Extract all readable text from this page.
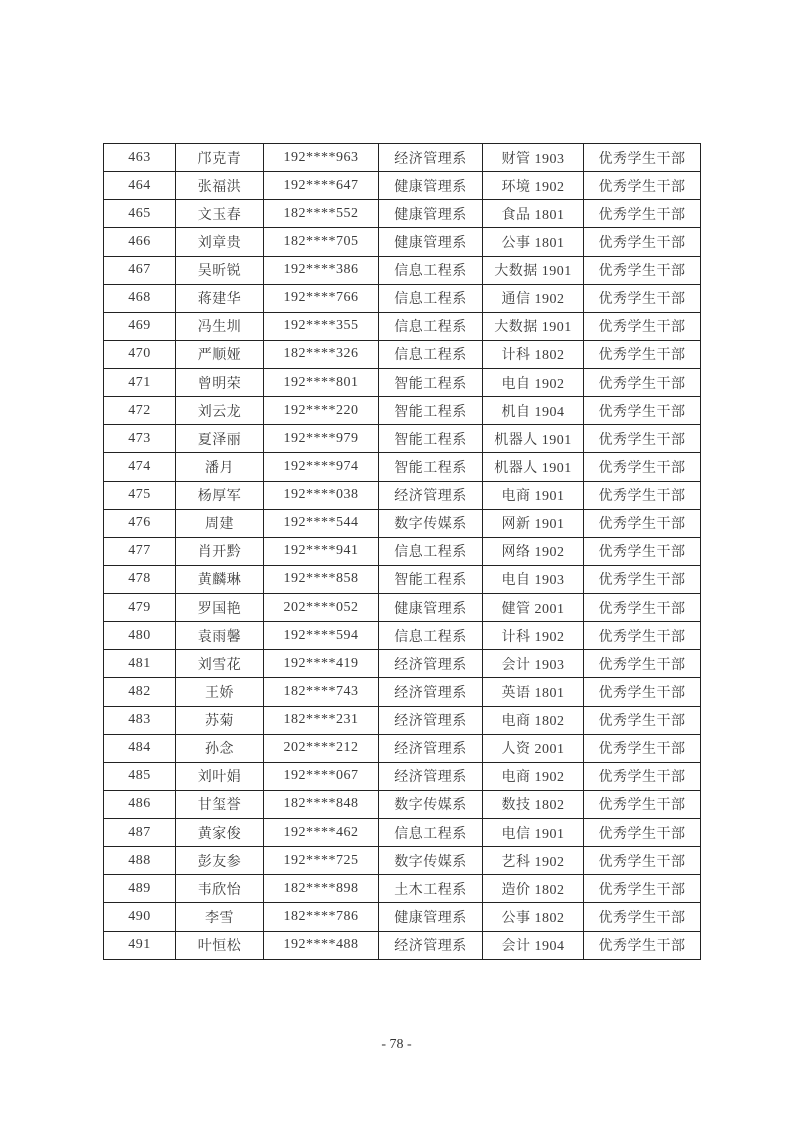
463	邝克青	192****963	经济管理系	财管 1903	优秀学生干部
464	张福洪	192****647	健康管理系	环境 1902	优秀学生干部
465	文玉春	182****552	健康管理系	食品 1801	优秀学生干部
466	刘章贵	182****705	健康管理系	公事 1801	优秀学生干部
467	吴昕锐	192****386	信息工程系	大数据 1901	优秀学生干部
468	蒋建华	192****766	信息工程系	通信 1902	优秀学生干部
469	冯生圳	192****355	信息工程系	大数据 1901	优秀学生干部
470	严顺娅	182****326	信息工程系	计科 1802	优秀学生干部
471	曾明荣	192****801	智能工程系	电自 1902	优秀学生干部
472	刘云龙	192****220	智能工程系	机自 1904	优秀学生干部
473	夏泽丽	192****979	智能工程系	机器人 1901	优秀学生干部
474	潘月	192****974	智能工程系	机器人 1901	优秀学生干部
475	杨厚军	192****038	经济管理系	电商 1901	优秀学生干部
476	周建	192****544	数字传媒系	网新 1901	优秀学生干部
477	肖开黔	192****941	信息工程系	网络 1902	优秀学生干部
478	黄麟琳	192****858	智能工程系	电自 1903	优秀学生干部
479	罗国艳	202****052	健康管理系	健管 2001	优秀学生干部
480	袁雨馨	192****594	信息工程系	计科 1902	优秀学生干部
481	刘雪花	192****419	经济管理系	会计 1903	优秀学生干部
482	王娇	182****743	经济管理系	英语 1801	优秀学生干部
483	苏菊	182****231	经济管理系	电商 1802	优秀学生干部
484	孙念	202****212	经济管理系	人资 2001	优秀学生干部
485	刘叶娟	192****067	经济管理系	电商 1902	优秀学生干部
486	甘玺誉	182****848	数字传媒系	数技 1802	优秀学生干部
487	黄家俊	192****462	信息工程系	电信 1901	优秀学生干部
488	彭友参	192****725	数字传媒系	艺科 1902	优秀学生干部
489	韦欣怡	182****898	土木工程系	造价 1802	优秀学生干部
490	李雪	182****786	健康管理系	公事 1802	优秀学生干部
491	叶恒松	192****488	经济管理系	会计 1904	优秀学生干部
- 78 -
